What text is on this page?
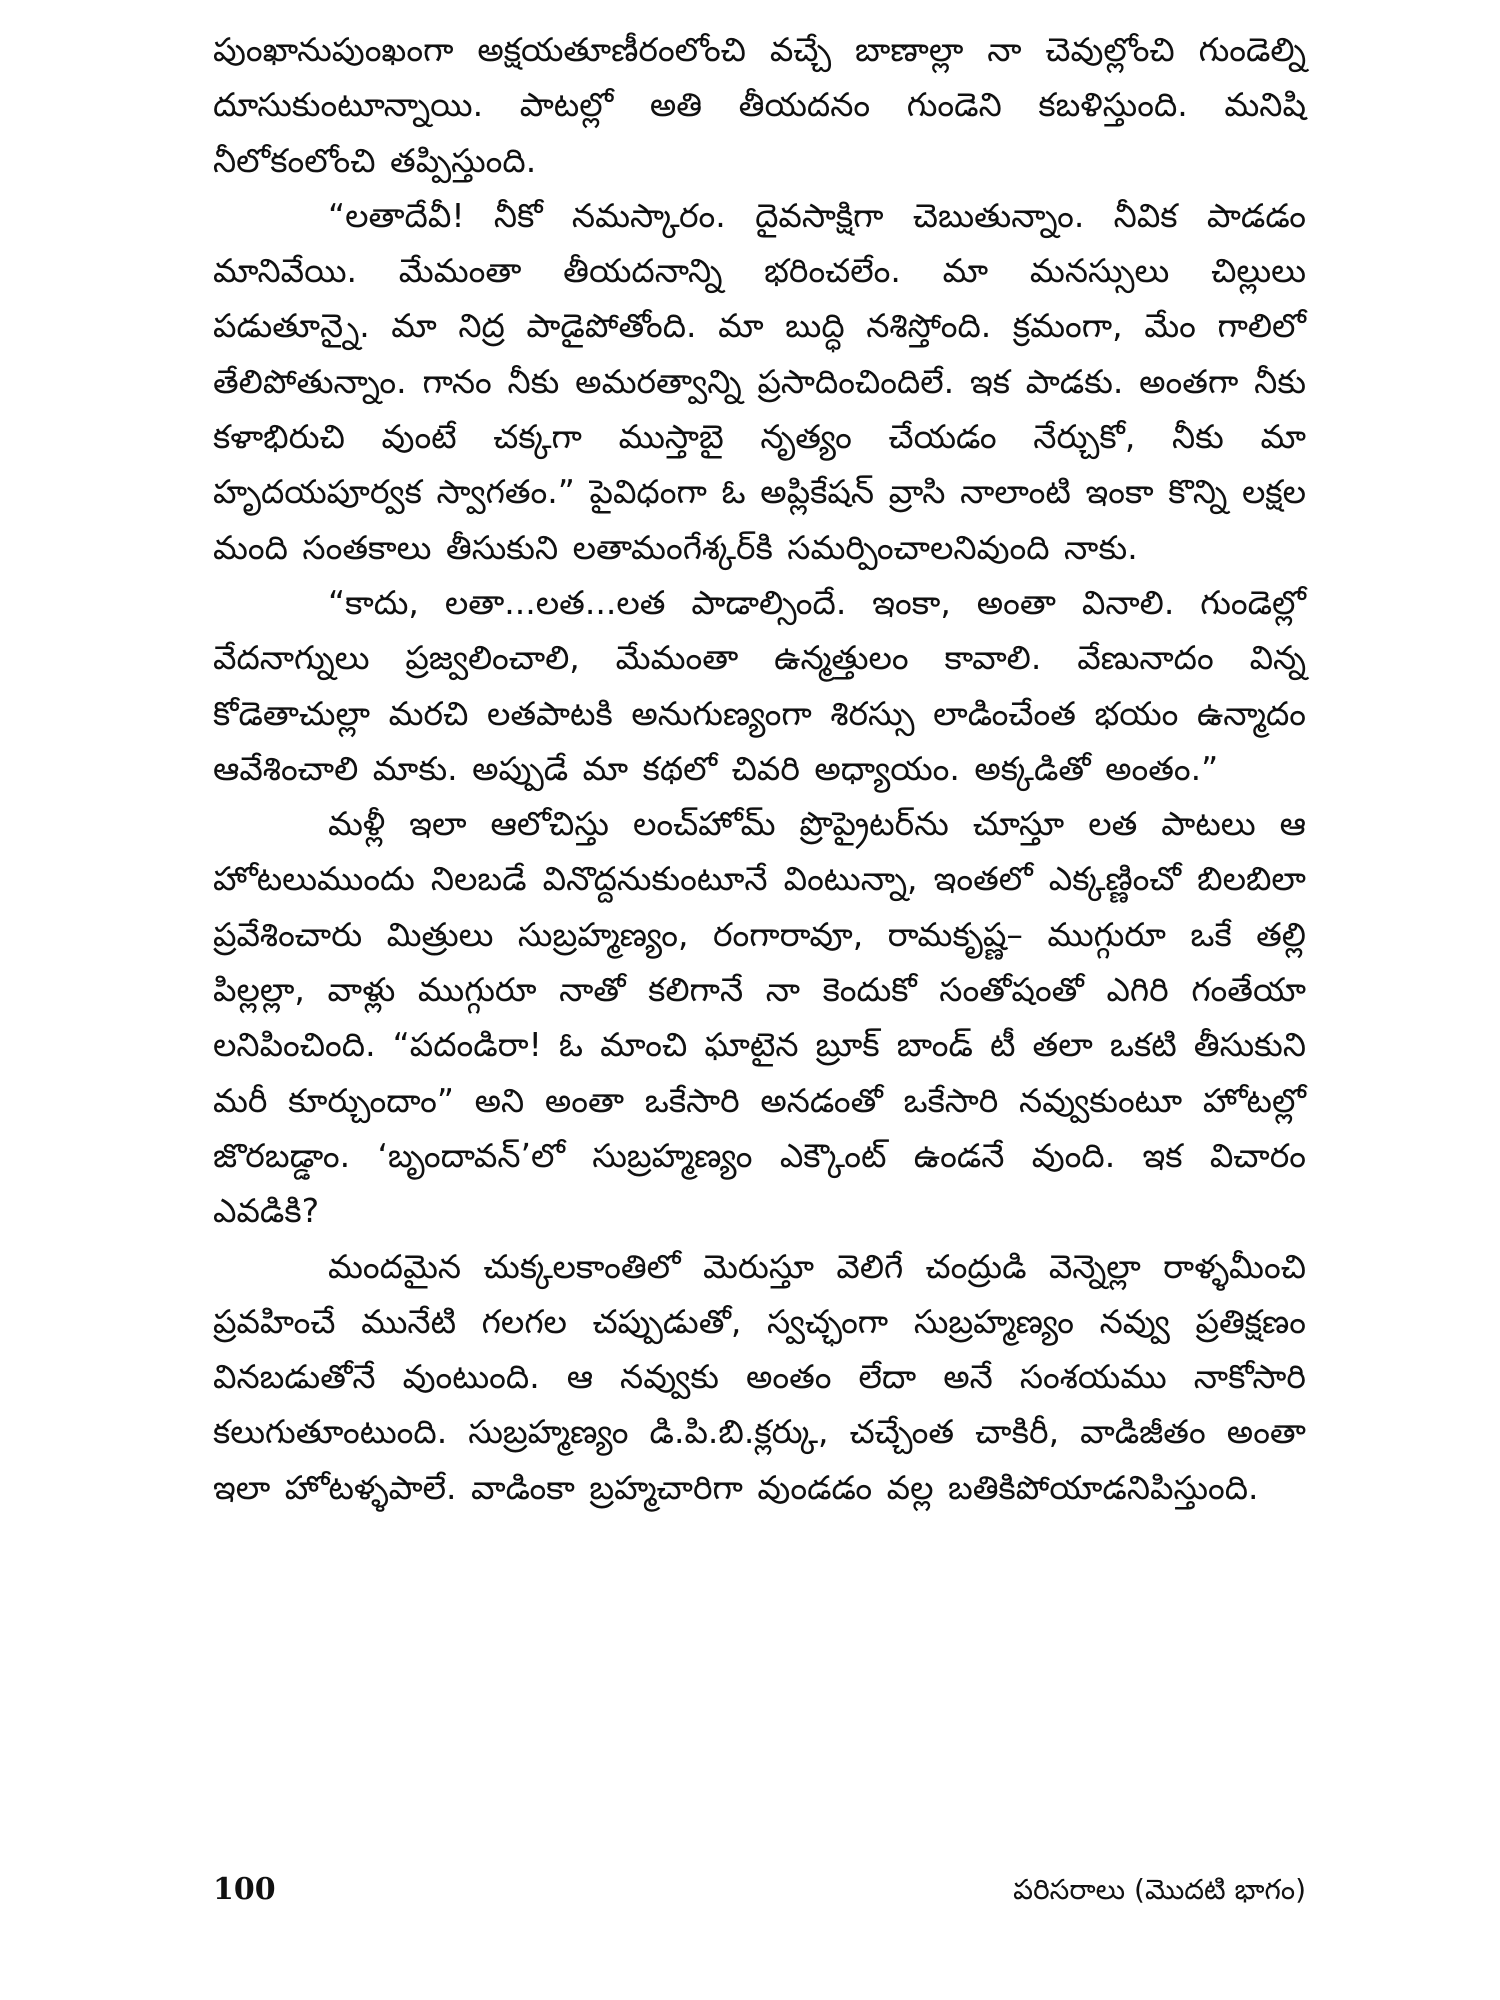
పుంఖానుపుంఖంగా అక్షయతూణీరంలోంచి వచ్చే బాణాల్లా నా చెవుల్లోంచి గుండెల్ని దూసుకుంటూన్నాయి. పాటల్లో అతి తీయదనం గుండెని కబళిస్తుంది. మనిషి నీలోకంలోంచి తప్పిస్తుంది.

“లతాదేవీ! నీకో నమస్కారం. దైవసాక్షిగా చెబుతున్నాం. నీవిక పాడడం మానివేయి. మేమంతా తీయదనాన్ని భరించలేం. మా మనస్సులు చిల్లులు పడుతూన్నై. మా నిద్ర పాడైపోతోంది. మా బుద్ధి నశిస్తోంది. క్రమంగా, మేం గాలిలో తేలిపోతున్నాం. గానం నీకు అమరత్వాన్ని ప్రసాదించిందిలే. ఇక పాడకు. అంతగా నీకు కళాభిరుచి వుంటే చక్కగా ముస్తాబై నృత్యం చేయడం నేర్చుకో, నీకు మా హృదయపూర్వక స్వాగతం.” పైవిధంగా ఓ అప్లికేషన్ వ్రాసి నాలాంటి ఇంకా కొన్ని లక్షల మంది సంతకాలు తీసుకుని లతామంగేశ్కర్‌కి సమర్పించాలనివుంది నాకు.

“కాదు, లతా...లత...లత పాడాల్సిందే. ఇంకా, అంతా వినాలి. గుండెల్లో వేదనాగ్నులు ప్రజ్వలించాలి, మేమంతా ఉన్మత్తులం కావాలి. వేణునాదం విన్న కోడెతాచుల్లా మరచి లతపాటకి అనుగుణ్యంగా శిరస్సు లాడించేంత భయం ఉన్మాదం ఆవేశించాలి మాకు. అప్పుడే మా కథలో చివరి అధ్యాయం. అక్కడితో అంతం.”

మళ్లీ ఇలా ఆలోచిస్తు లంచ్‌హోమ్ ప్రొప్రైటర్‌ను చూస్తూ లత పాటలు ఆ హోటలుముందు నిలబడే వినొద్దనుకుంటూనే వింటున్నా, ఇంతలో ఎక్కణ్ణించో బిలబిలా ప్రవేశించారు మిత్రులు సుబ్రహ్మణ్యం, రంగారావూ, రామకృష్ణ– ముగ్గురూ ఒకే తల్లి పిల్లల్లా, వాళ్లు ముగ్గురూ నాతో కలిగానే నా కెందుకో సంతోషంతో ఎగిరి గంతేయా లనిపించింది. “పదండిరా! ఓ మాంచి ఘాటైన బ్రూక్ బాండ్ టీ తలా ఒకటి తీసుకుని మరీ కూర్చుందాం” అని అంతా ఒకేసారి అనడంతో ఒకేసారి నవ్వుకుంటూ హోటల్లో జొరబడ్డాం. ‘బృందావన్’లో సుబ్రహ్మణ్యం ఎక్కౌంట్ ఉండనే వుంది. ఇక విచారం ఎవడికి?

మందమైన చుక్కలకాంతిలో మెరుస్తూ వెలిగే చంద్రుడి వెన్నెల్లా రాళ్ళమీంచి ప్రవహించే మునేటి గలగల చప్పుడుతో, స్వచ్ఛంగా సుబ్రహ్మణ్యం నవ్వు ప్రతిక్షణం వినబడుతోనే వుంటుంది. ఆ నవ్వుకు అంతం లేదా అనే సంశయము నాకోసారి కలుగుతూంటుంది. సుబ్రహ్మణ్యం డి.పి.బి.క్లర్కు, చచ్చేంత చాకిరీ, వాడిజీతం అంతా ఇలా హోటళ్ళపాలే. వాడింకా బ్రహ్మచారిగా వుండడం వల్ల బతికిపోయాడనిపిస్తుంది.

100	పరిసరాలు (మొదటి భాగం)
